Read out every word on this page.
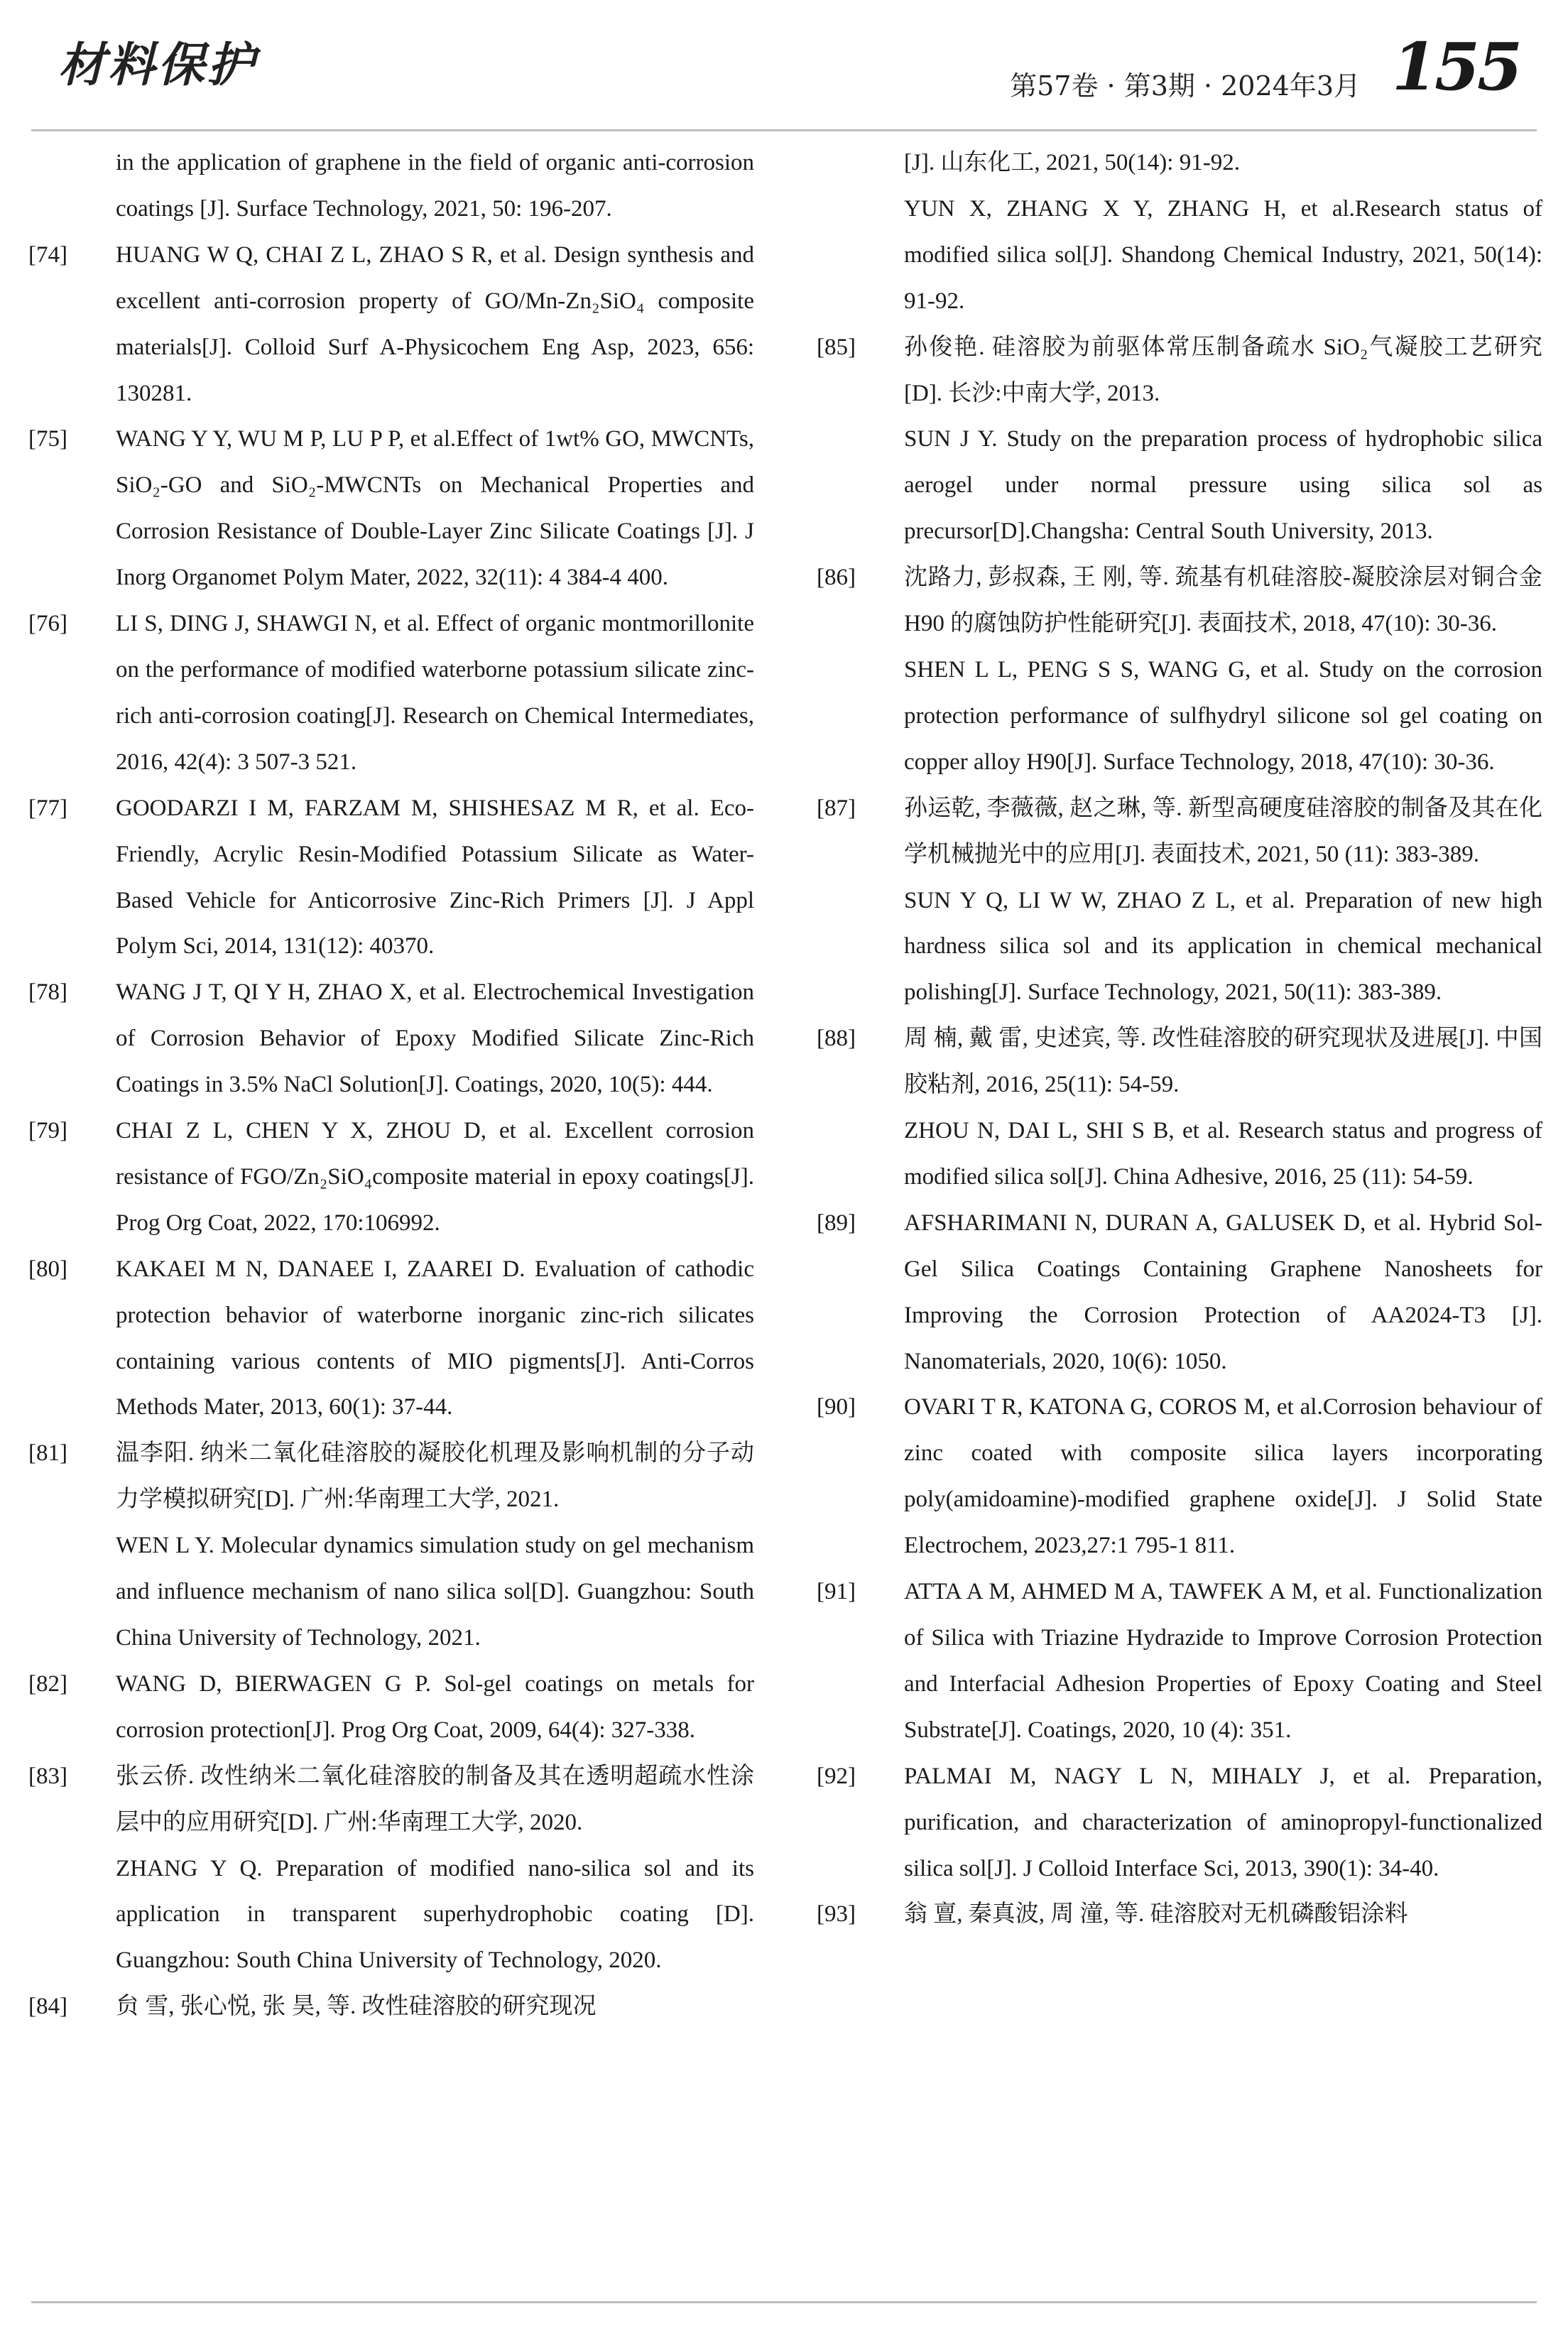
材料保护	第57卷 · 第3期 · 2024年3月 155

in the application of graphene in the field of organic anti-corrosion coatings [J]. Surface Technology, 2021, 50: 196-207.

[74]	HUANG W Q, CHAI Z L, ZHAO S R, et al. Design synthesis and excellent anti-corrosion property of GO/Mn-Zn₂SiO₄ composite materials[J]. Colloid Surf A-Physicochem Eng Asp, 2023, 656: 130281.

[75]	WANG Y Y, WU M P, LU P P, et al.Effect of 1wt% GO, MWCNTs, SiO₂-GO and SiO₂-MWCNTs on Mechanical Properties and Corrosion Resistance of Double-Layer Zinc Silicate Coatings [J]. J Inorg Organomet Polym Mater, 2022, 32(11): 4 384-4 400.

[76]	LI S, DING J, SHAWGI N, et al. Effect of organic montmorillonite on the performance of modified waterborne potassium silicate zinc-rich anti-corrosion coating[J]. Research on Chemical Intermediates, 2016, 42(4): 3 507-3 521.

[77]	GOODARZI I M, FARZAM M, SHISHESAZ M R, et al. Eco-Friendly, Acrylic Resin-Modified Potassium Silicate as Water-Based Vehicle for Anticorrosive Zinc-Rich Primers [J]. J Appl Polym Sci, 2014, 131(12): 40370.

[78]	WANG J T, QI Y H, ZHAO X, et al. Electrochemical Investigation of Corrosion Behavior of Epoxy Modified Silicate Zinc-Rich Coatings in 3.5% NaCl Solution[J]. Coatings, 2020, 10(5): 444.

[79]	CHAI Z L, CHEN Y X, ZHOU D, et al. Excellent corrosion resistance of FGO/Zn₂SiO₄composite material in epoxy coatings[J]. Prog Org Coat, 2022, 170:106992.

[80]	KAKAEI M N, DANAEE I, ZAAREI D. Evaluation of cathodic protection behavior of waterborne inorganic zinc-rich silicates containing various contents of MIO pigments[J]. Anti-Corros Methods Mater, 2013, 60(1): 37-44.

[81]	温李阳. 纳米二氧化硅溶胶的凝胶化机理及影响机制的分子动力学模拟研究[D]. 广州:华南理工大学, 2021.

WEN L Y. Molecular dynamics simulation study on gel mechanism and influence mechanism of nano silica sol[D]. Guangzhou: South China University of Technology, 2021.

[82]	WANG D, BIERWAGEN G P. Sol-gel coatings on metals for corrosion protection[J]. Prog Org Coat, 2009, 64(4): 327-338.

[83]	张云侨. 改性纳米二氧化硅溶胶的制备及其在透明超疏水性涂层中的应用研究[D]. 广州:华南理工大学, 2020.

ZHANG Y Q. Preparation of modified nano-silica sol and its application in transparent superhydrophobic coating [D]. Guangzhou: South China University of Technology, 2020.

[84]	贠 雪, 张心悦, 张 昊, 等. 改性硅溶胶的研究现况

[J]. 山东化工, 2021, 50(14): 91-92.

YUN X, ZHANG X Y, ZHANG H, et al.Research status of modified silica sol[J]. Shandong Chemical Industry, 2021, 50(14): 91-92.

[85]	孙俊艳. 硅溶胶为前驱体常压制备疏水 SiO₂气凝胶工艺研究[D]. 长沙:中南大学, 2013.

SUN J Y. Study on the preparation process of hydrophobic silica aerogel under normal pressure using silica sol as precursor[D].Changsha: Central South University, 2013.

[86]	沈路力, 彭叔森, 王 刚, 等. 巯基有机硅溶胶-凝胶涂层对铜合金 H90 的腐蚀防护性能研究[J]. 表面技术, 2018, 47(10): 30-36.

SHEN L L, PENG S S, WANG G, et al. Study on the corrosion protection performance of sulfhydryl silicone sol gel coating on copper alloy H90[J]. Surface Technology, 2018, 47(10): 30-36.

[87]	孙运乾, 李薇薇, 赵之琳, 等. 新型高硬度硅溶胶的制备及其在化学机械抛光中的应用[J]. 表面技术, 2021, 50 (11): 383-389.

SUN Y Q, LI W W, ZHAO Z L, et al. Preparation of new high hardness silica sol and its application in chemical mechanical polishing[J]. Surface Technology, 2021, 50(11): 383-389.

[88]	周 楠, 戴 雷, 史述宾, 等. 改性硅溶胶的研究现状及进展[J]. 中国胶粘剂, 2016, 25(11): 54-59.

ZHOU N, DAI L, SHI S B, et al. Research status and progress of modified silica sol[J]. China Adhesive, 2016, 25 (11): 54-59.

[89]	AFSHARIMANI N, DURAN A, GALUSEK D, et al. Hybrid Sol-Gel Silica Coatings Containing Graphene Nanosheets for Improving the Corrosion Protection of AA2024-T3 [J]. Nanomaterials, 2020, 10(6): 1050.

[90]	OVARI T R, KATONA G, COROS M, et al.Corrosion behaviour of zinc coated with composite silica layers incorporating poly(amidoamine)-modified graphene oxide[J]. J Solid State Electrochem, 2023,27:1 795-1 811.

[91]	ATTA A M, AHMED M A, TAWFEK A M, et al. Functionalization of Silica with Triazine Hydrazide to Improve Corrosion Protection and Interfacial Adhesion Properties of Epoxy Coating and Steel Substrate[J]. Coatings, 2020, 10 (4): 351.

[92]	PALMAI M, NAGY L N, MIHALY J, et al. Preparation, purification, and characterization of aminopropyl-functionalized silica sol[J]. J Colloid Interface Sci, 2013, 390(1): 34-40.

[93]	翁 亶, 秦真波, 周 潼, 等. 硅溶胶对无机磷酸铝涂料
